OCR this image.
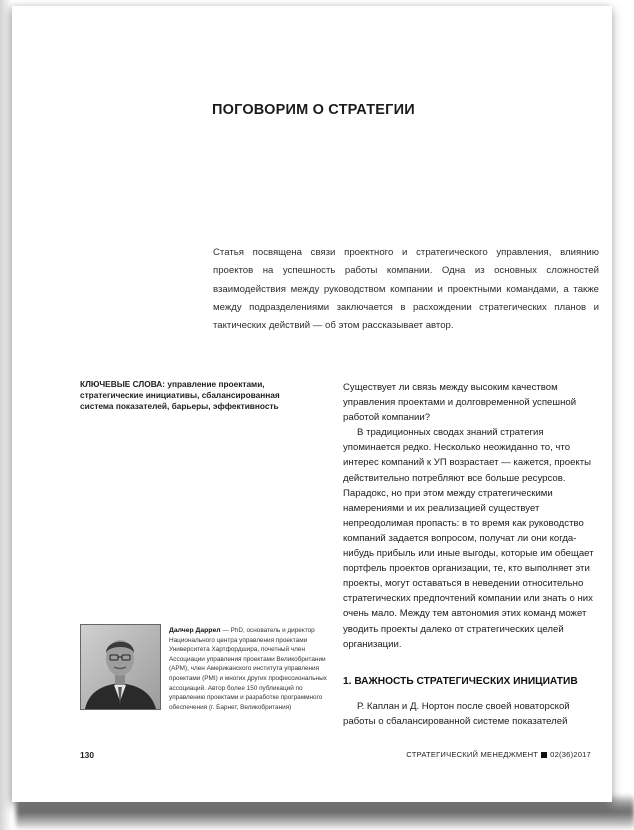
ПОГОВОРИМ О СТРАТЕГИИ

Статья посвящена связи проектного и стратегического управления, влиянию проектов на успешность работы компании. Одна из основных сложностей взаимодействия между руководством компании и проектными командами, а также между подразделениями заключается в расхождении стратегических планов и тактических действий — об этом рассказывает автор.

КЛЮЧЕВЫЕ СЛОВА: управление проектами, стратегические инициативы, сбалансированная система показателей, барьеры, эффективность

Существует ли связь между высоким качеством управления проектами и долговременной успешной работой компании?

В традиционных сводах знаний стратегия упоминается редко. Несколько неожиданно то, что интерес компаний к УП возрастает — кажется, проекты действительно потребляют все больше ресурсов. Парадокс, но при этом между стратегическими намерениями и их реализацией существует непреодолимая пропасть: в то время как руководство компаний задается вопросом, получат ли они когда-нибудь прибыль или иные выгоды, которые им обещает портфель проектов организации, те, кто выполняет эти проекты, могут оставаться в неведении относительно стратегических предпочтений компании или знать о них очень мало. Между тем автономия этих команд может уводить проекты далеко от стратегических целей организации.

1. ВАЖНОСТЬ СТРАТЕГИЧЕСКИХ ИНИЦИАТИВ

Р. Каплан и Д. Нортон после своей новаторской работы о сбалансированной системе показателей

Далчер Даррел — PhD, основатель и директор Национального центра управления проектами Университета Хартфордшира, почетный член Ассоциации управления проектами Великобритании (APM), член Американского института управления проектами (PMI) и многих других профессиональных ассоциаций. Автор более 150 публикаций по управлению проектами и разработке программного обеспечения (г. Барнет, Великобритания)

130	СТРАТЕГИЧЕСКИЙ МЕНЕДЖМЕНТ 02(36)2017
